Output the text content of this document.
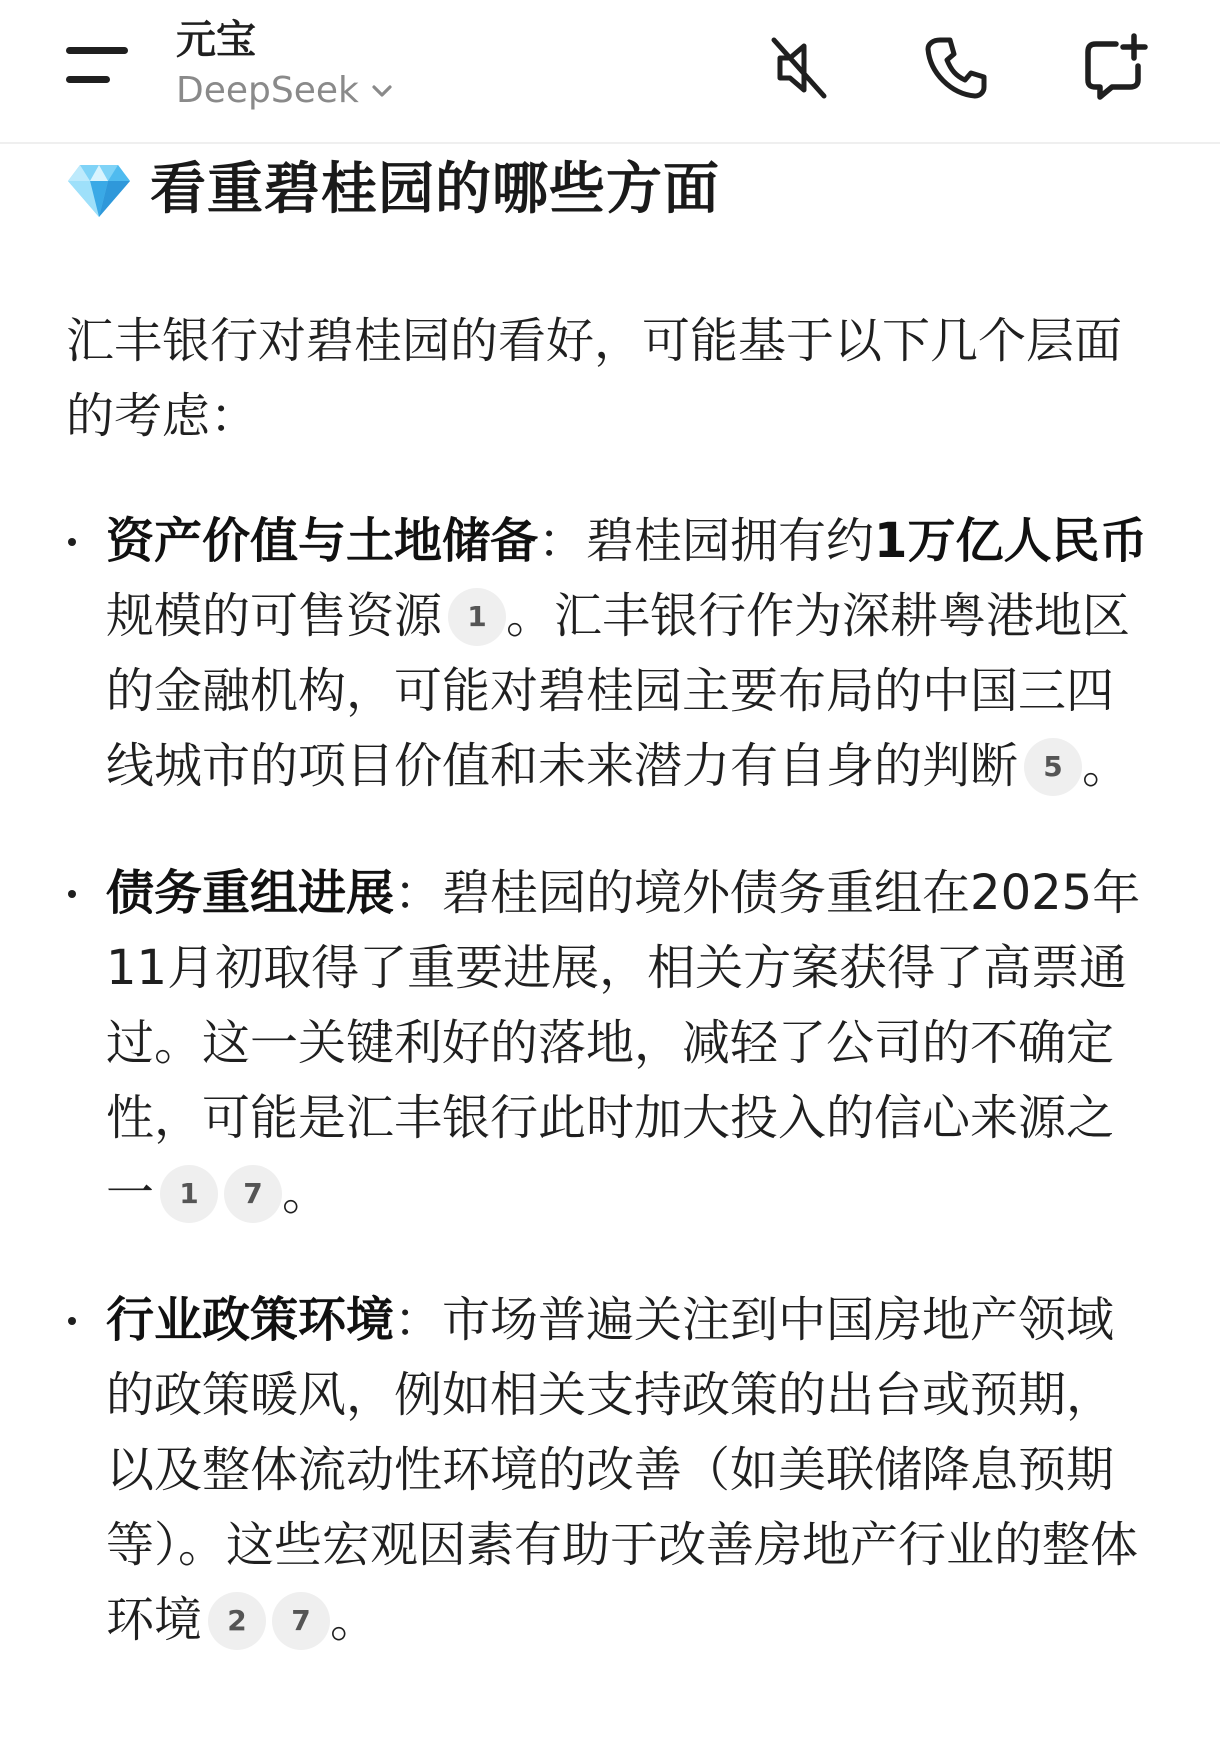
元宝
DeepSeek
看重碧桂园的哪些方面
汇丰银行对碧桂园的看好，可能基于以下几个层面的考虑：
资产价值与土地储备：碧桂园拥有约1万亿人民币规模的可售资源 1 。汇丰银行作为深耕粤港地区的金融机构，可能对碧桂园主要布局的中国三四线城市的项目价值和未来潜力有自身的判断 5 。
债务重组进展：碧桂园的境外债务重组在2025年11月初取得了重要进展，相关方案获得了高票通过。这一关键利好的落地，减轻了公司的不确定性，可能是汇丰银行此时加大投入的信心来源之一 1 7 。
行业政策环境：市场普遍关注到中国房地产领域的政策暖风，例如相关支持政策的出台或预期，以及整体流动性环境的改善（如美联储降息预期等）。这些宏观因素有助于改善房地产行业的整体环境 2 7 。
